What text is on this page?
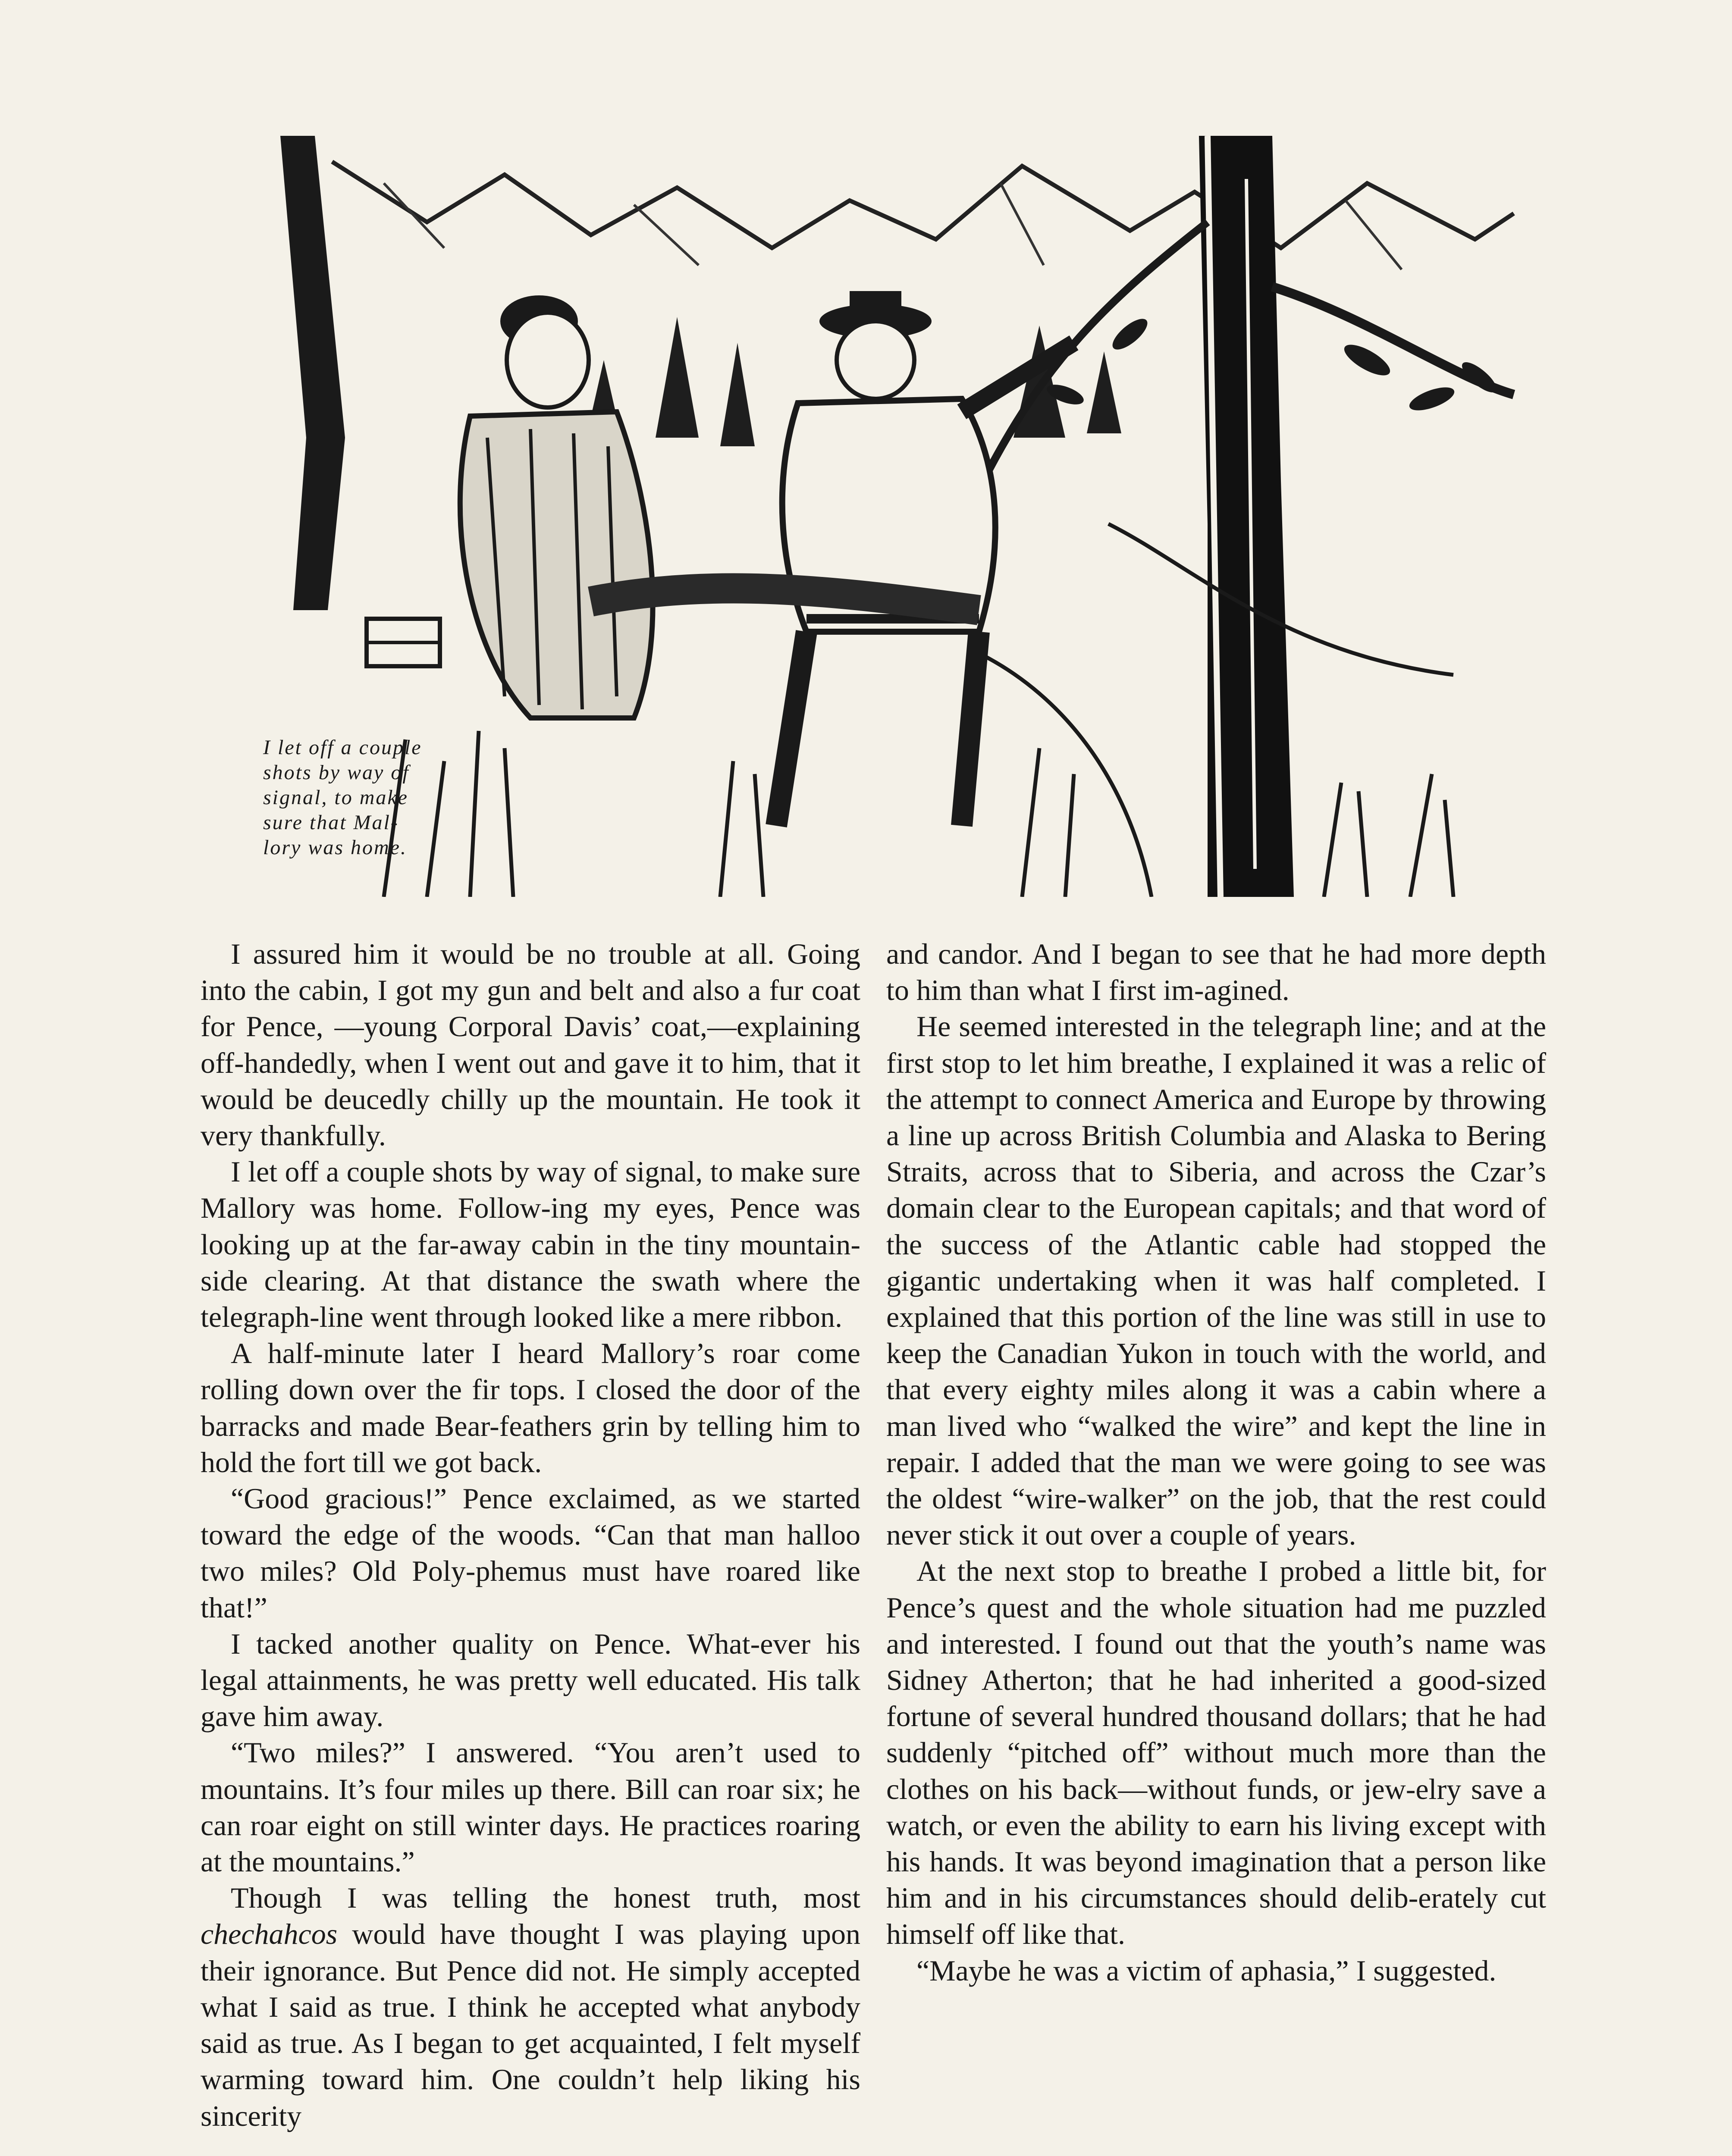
I let off a couple
shots by way of
signal, to make
sure that Mal-
lory was home.

I assured him it would be no trouble at all. Going into the cabin, I got my gun and belt and also a fur coat for Pence, —young Corporal Davis’ coat,—explaining off-handedly, when I went out and gave it to him, that it would be deucedly chilly up the mountain. He took it very thankfully.

I let off a couple shots by way of signal, to make sure Mallory was home. Follow-ing my eyes, Pence was looking up at the far-away cabin in the tiny mountain-side clearing. At that distance the swath where the telegraph-line went through looked like a mere ribbon.

A half-minute later I heard Mallory’s roar come rolling down over the fir tops. I closed the door of the barracks and made Bear-feathers grin by telling him to hold the fort till we got back.

“Good gracious!” Pence exclaimed, as we started toward the edge of the woods. “Can that man halloo two miles? Old Poly-phemus must have roared like that!”

I tacked another quality on Pence. What-ever his legal attainments, he was pretty well educated. His talk gave him away.

“Two miles?” I answered. “You aren’t used to mountains. It’s four miles up there. Bill can roar six; he can roar eight on still winter days. He practices roaring at the mountains.”

Though I was telling the honest truth, most chechahcos would have thought I was playing upon their ignorance. But Pence did not. He simply accepted what I said as true. I think he accepted what anybody said as true. As I began to get acquainted, I felt myself warming toward him. One couldn’t help liking his sincerity

and candor. And I began to see that he had more depth to him than what I first im-agined.

He seemed interested in the telegraph line; and at the first stop to let him breathe, I explained it was a relic of the attempt to connect America and Europe by throwing a line up across British Columbia and Alaska to Bering Straits, across that to Siberia, and across the Czar’s domain clear to the European capitals; and that word of the success of the Atlantic cable had stopped the gigantic undertaking when it was half completed. I explained that this portion of the line was still in use to keep the Canadian Yukon in touch with the world, and that every eighty miles along it was a cabin where a man lived who “walked the wire” and kept the line in repair. I added that the man we were going to see was the oldest “wire-walker” on the job, that the rest could never stick it out over a couple of years.

At the next stop to breathe I probed a little bit, for Pence’s quest and the whole situation had me puzzled and interested. I found out that the youth’s name was Sidney Atherton; that he had inherited a good-sized fortune of several hundred thousand dollars; that he had suddenly “pitched off” without much more than the clothes on his back—without funds, or jew-elry save a watch, or even the ability to earn his living except with his hands. It was beyond imagination that a person like him and in his circumstances should delib-erately cut himself off like that.

“Maybe he was a victim of aphasia,” I suggested.
